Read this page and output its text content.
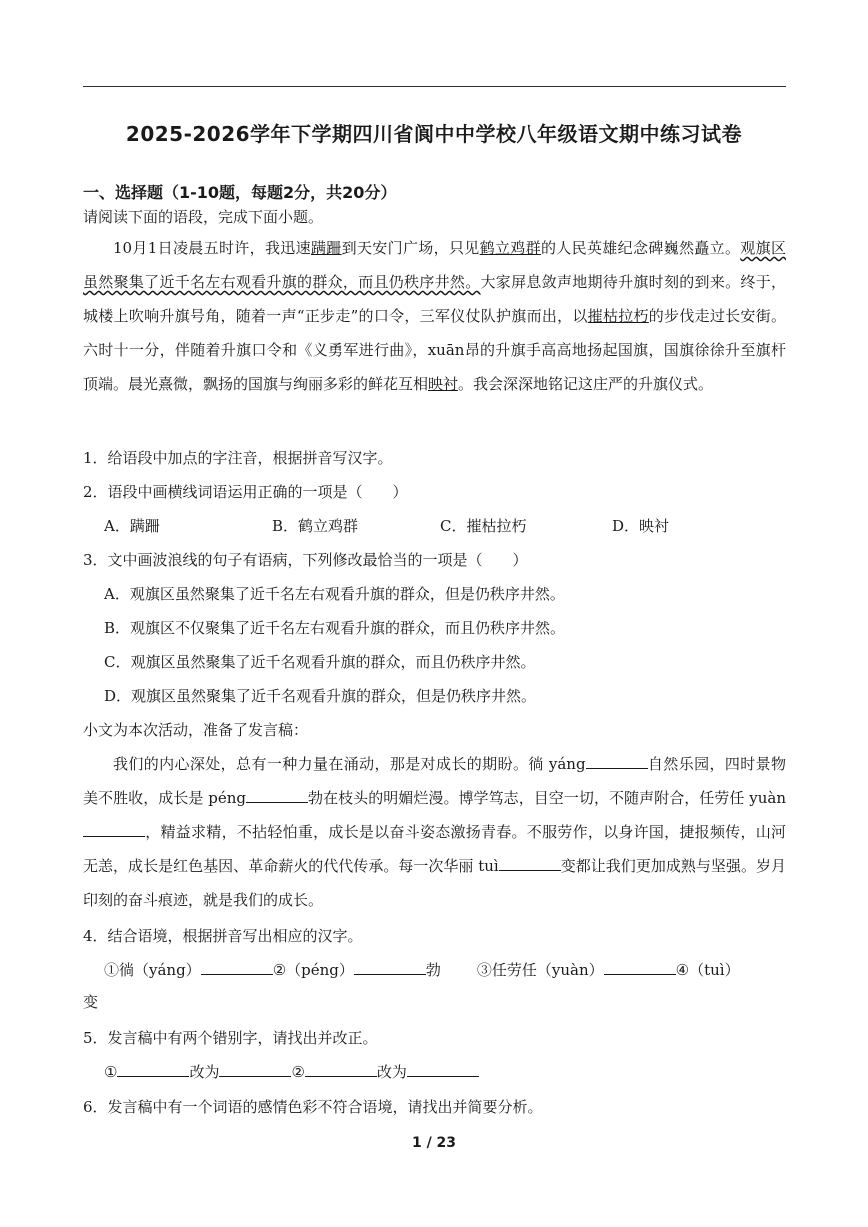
2025-2026学年下学期四川省阆中中学校八年级语文期中练习试卷
一、选择题（1-10题，每题2分，共20分）
请阅读下面的语段，完成下面小题。
10月1日凌晨五时许，我迅速蹒跚到天安门广场，只见鹤立鸡群的人民英雄纪念碑巍然矗立。观旗区虽然聚集了近千名左右观看升旗的群众，而且仍秩序井然。大家屏息敛声地期待升旗时刻的到来。终于，城楼上吹响升旗号角，随着一声“正步走”的口令，三军仪仗队护旗而出，以摧枯拉朽的步伐走过长安街。六时十一分，伴随着升旗口令和《义勇军进行曲》，xuān昂的升旗手高高地扬起国旗，国旗徐徐升至旗杆顶端。晨光熹微，飘扬的国旗与绚丽多彩的鲜花互相映衬。我会深深地铭记这庄严的升旗仪式。
1．给语段中加点的字注音，根据拼音写汉字。
2．语段中画横线词语运用正确的一项是（　　）
A．蹒跚	B．鹤立鸡群	C．摧枯拉朽	D．映衬
3．文中画波浪线的句子有语病，下列修改最恰当的一项是（　　）
A．观旗区虽然聚集了近千名左右观看升旗的群众，但是仍秩序井然。
B．观旗区不仅聚集了近千名左右观看升旗的群众，而且仍秩序井然。
C．观旗区虽然聚集了近千名观看升旗的群众，而且仍秩序井然。
D．观旗区虽然聚集了近千名观看升旗的群众，但是仍秩序井然。
小文为本次活动，准备了发言稿：
我们的内心深处，总有一种力量在涌动，那是对成长的期盼。徜 yáng	自然乐园，四时景物美不胜收，成长是 péng	勃在枝头的明媚烂漫。博学笃志，目空一切，不随声附合，任劳任 yuàn，精益求精，不拈轻怕重，成长是以奋斗姿态激扬青春。不服劳作，以身许国，捷报频传，山河无恙，成长是红色基因、革命薪火的代代传承。每一次华丽 tuì	变都让我们更加成熟与坚强。岁月印刻的奋斗痕迹，就是我们的成长。
4．结合语境，根据拼音写出相应的汉字。
①徜（yáng）	②（péng）	勃 ③任劳任（yuàn）	④（tuì）
变
5．发言稿中有两个错别字，请找出并改正。
①	改为	②	改为
6．发言稿中有一个词语的感情色彩不符合语境，请找出并简要分析。
1 / 23
